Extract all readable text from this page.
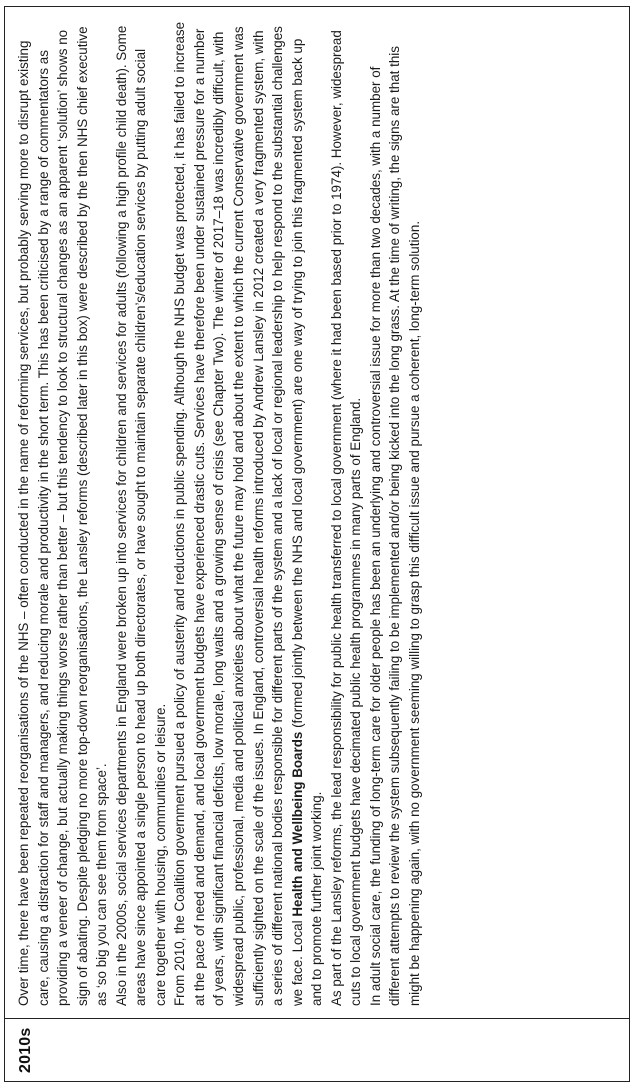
2010s

Over time, there have been repeated reorganisations of the NHS – often conducted in the name of reforming services, but probably serving more to disrupt existing care, causing a distraction for staff and managers, and reducing morale and productivity in the short term. This has been criticised by a range of commentators as providing a veneer of change, but actually making things worse rather than better – but this tendency to look to structural changes as an apparent ‘solution’ shows no sign of abating. Despite pledging no more top-down reorganisations, the Lansley reforms (described later in this box) were described by the then NHS chief executive as ‘so big you can see them from space’. Also in the 2000s, social services departments in England were broken up into services for children and services for adults (following a high profile child death). Some areas have since appointed a single person to head up both directorates, or have sought to maintain separate children’s/education services by putting adult social care together with housing, communities or leisure. From 2010, the Coalition government pursued a policy of austerity and reductions in public spending. Although the NHS budget was protected, it has failed to increase at the pace of need and demand, and local government budgets have experienced drastic cuts. Services have therefore been under sustained pressure for a number of years, with significant financial deficits, low morale, long waits and a growing sense of crisis (see Chapter Two). The winter of 2017–18 was incredibly difficult, with widespread public, professional, media and political anxieties about what the future may hold and about the extent to which the current Conservative government was sufficiently sighted on the scale of the issues. In England, controversial health reforms introduced by Andrew Lansley in 2012 created a very fragmented system, with a series of different national bodies responsible for different parts of the system and a lack of local or regional leadership to help respond to the substantial challenges we face. Local Health and Wellbeing Boards (formed jointly between the NHS and local government) are one way of trying to join this fragmented system back up and to promote further joint working. As part of the Lansley reforms, the lead responsibility for public health transferred to local government (where it had been based prior to 1974). However, widespread cuts to local government budgets have decimated public health programmes in many parts of England. In adult social care, the funding of long-term care for older people has been an underlying and controversial issue for more than two decades, with a number of different attempts to review the system subsequently failing to be implemented and/or being kicked into the long grass. At the time of writing, the signs are that this might be happening again, with no government seeming willing to grasp this difficult issue and pursue a coherent, long-term solution.
